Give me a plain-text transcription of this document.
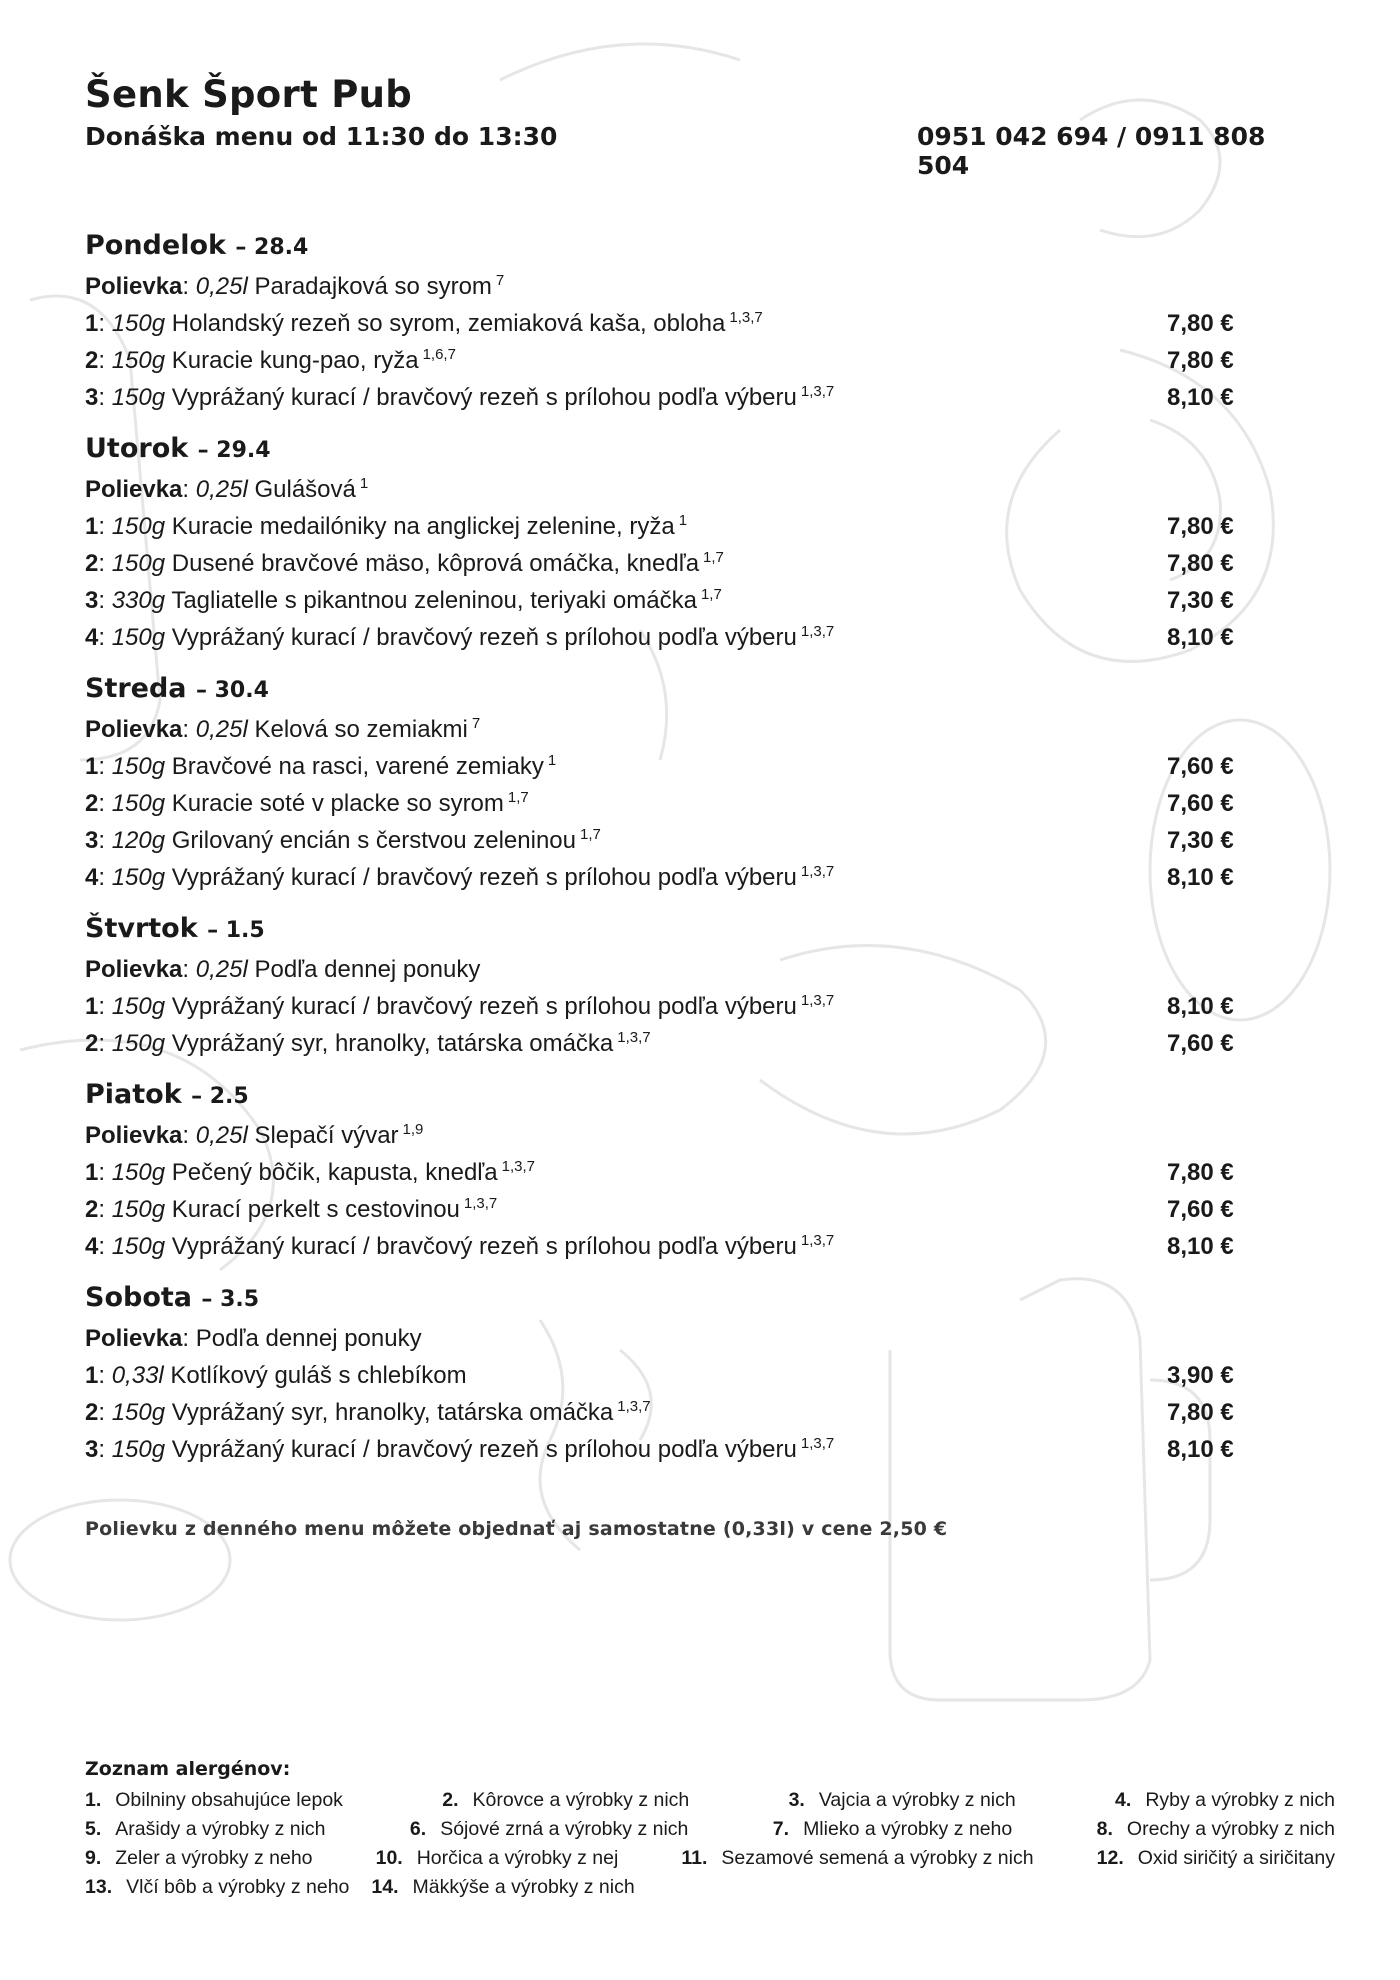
Šenk Šport Pub
Donáška menu od 11:30 do 13:30	0951 042 694 / 0911 808 504
Pondelok – 28.4
Polievka: 0,25l Paradajková so syrom $^7$
1: 150g Holandský rezeň so syrom, zemiaková kaša, obloha $^{1,3,7}$	7,80 €
2: 150g Kuracie kung-pao, ryža $^{1,6,7}$	7,80 €
3: 150g Vyprážaný kurací / bravčový rezeň s prílohou podľa výberu $^{1,3,7}$	8,10 €
Utorok – 29.4
Polievka: 0,25l Gulášová $^1$
1: 150g Kuracie medailóniky na anglickej zelenine, ryža $^1$	7,80 €
2: 150g Dusené bravčové mäso, kôprová omáčka, knedľa $^{1,7}$	7,80 €
3: 330g Tagliatelle s pikantnou zeleninou, teriyaki omáčka $^{1,7}$	7,30 €
4: 150g Vyprážaný kurací / bravčový rezeň s prílohou podľa výberu $^{1,3,7}$	8,10 €
Streda – 30.4
Polievka: 0,25l Kelová so zemiakmi $^7$
1: 150g Bravčové na rasci, varené zemiaky $^1$	7,60 €
2: 150g Kuracie soté v placke so syrom $^{1,7}$	7,60 €
3: 120g Grilovaný encián s čerstvou zeleninou $^{1,7}$	7,30 €
4: 150g Vyprážaný kurací / bravčový rezeň s prílohou podľa výberu $^{1,3,7}$	8,10 €
Štvrtok – 1.5
Polievka: 0,25l Podľa dennej ponuky
1: 150g Vyprážaný kurací / bravčový rezeň s prílohou podľa výberu $^{1,3,7}$	8,10 €
2: 150g Vyprážaný syr, hranolky, tatárska omáčka $^{1,3,7}$	7,60 €
Piatok – 2.5
Polievka: 0,25l Slepačí vývar $^{1,9}$
1: 150g Pečený bôčik, kapusta, knedľa $^{1,3,7}$	7,80 €
2: 150g Kurací perkelt s cestovinou $^{1,3,7}$	7,60 €
4: 150g Vyprážaný kurací / bravčový rezeň s prílohou podľa výberu $^{1,3,7}$	8,10 €
Sobota – 3.5
Polievka: Podľa dennej ponuky
1: 0,33l Kotlíkový guláš s chlebíkom	3,90 €
2: 150g Vyprážaný syr, hranolky, tatárska omáčka $^{1,3,7}$	7,80 €
3: 150g Vyprážaný kurací / bravčový rezeň s prílohou podľa výberu $^{1,3,7}$	8,10 €
Polievku z denného menu môžete objednať aj samostatne (0,33l) v cene 2,50 €
Zoznam alergénov:
1. Obilniny obsahujúce lepok	2. Kôrovce a výrobky z nich	3. Vajcia a výrobky z nich	4. Ryby a výrobky z nich
5. Arašidy a výrobky z nich	6. Sójové zrná a výrobky z nich	7. Mlieko a výrobky z neho	8. Orechy a výrobky z nich
9. Zeler a výrobky z neho	10. Horčica a výrobky z nej	11. Sezamové semená a výrobky z nich	12. Oxid siričitý a siričitany
13. Vlčí bôb a výrobky z neho 14. Mäkkýše a výrobky z nich
